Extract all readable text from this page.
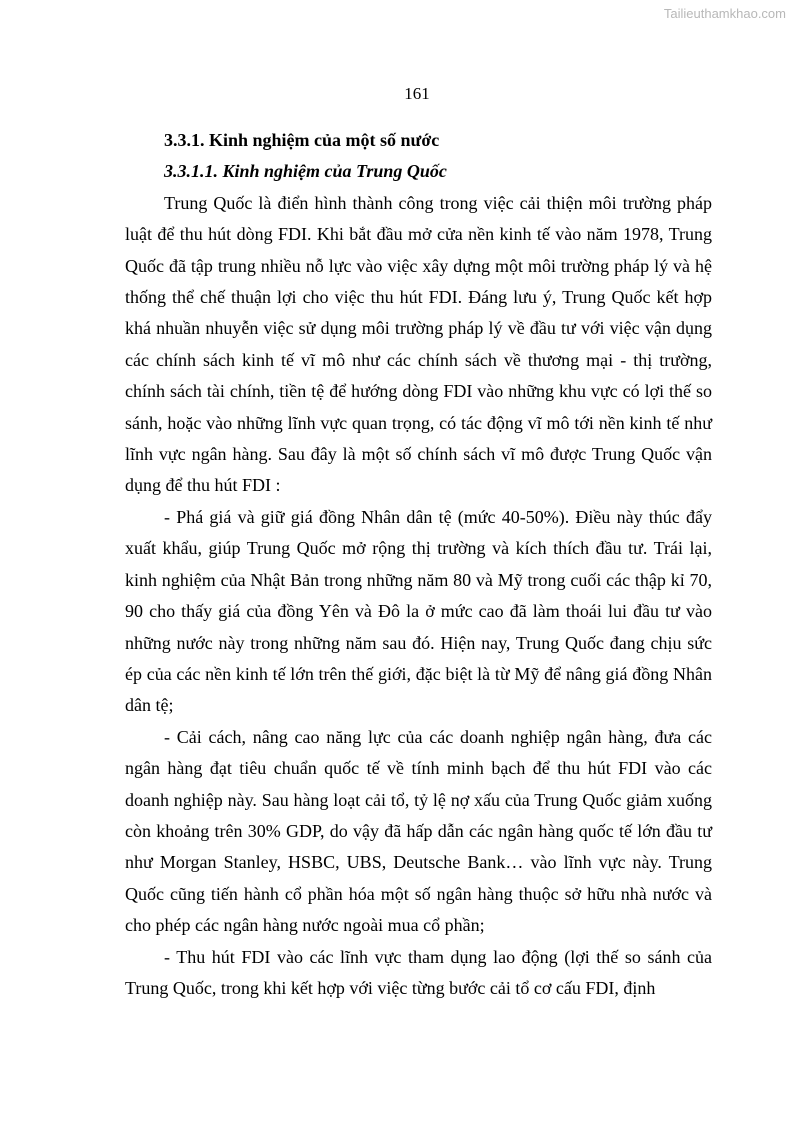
Tailieuthamkhao.com
161

3.3.1. Kinh nghiệm của một số nước

3.3.1.1. Kinh nghiệm của Trung Quốc

Trung Quốc là điển hình thành công trong việc cải thiện môi trường pháp luật để thu hút dòng FDI. Khi bắt đầu mở cửa nền kinh tế vào năm 1978, Trung Quốc đã tập trung nhiều nỗ lực vào việc xây dựng một môi trường pháp lý và hệ thống thể chế thuận lợi cho việc thu hút FDI. Đáng lưu ý, Trung Quốc kết hợp khá nhuần nhuyễn việc sử dụng môi trường pháp lý về đầu tư với việc vận dụng các chính sách kinh tế vĩ mô như các chính sách về thương mại - thị trường, chính sách tài chính, tiền tệ để hướng dòng FDI vào những khu vực có lợi thế so sánh, hoặc vào những lĩnh vực quan trọng, có tác động vĩ mô tới nền kinh tế như lĩnh vực ngân hàng. Sau đây là một số chính sách vĩ mô được Trung Quốc vận dụng để thu hút FDI :

- Phá giá và giữ giá đồng Nhân dân tệ (mức 40-50%). Điều này thúc đẩy xuất khẩu, giúp Trung Quốc mở rộng thị trường và kích thích đầu tư. Trái lại, kinh nghiệm của Nhật Bản trong những năm 80 và Mỹ trong cuối các thập kỉ 70, 90 cho thấy giá của đồng Yên và Đô la ở mức cao đã làm thoái lui đầu tư vào những nước này trong những năm sau đó. Hiện nay, Trung Quốc đang chịu sức ép của các nền kinh tế lớn trên thế giới, đặc biệt là từ Mỹ để nâng giá đồng Nhân dân tệ;

- Cải cách, nâng cao năng lực của các doanh nghiệp ngân hàng, đưa các ngân hàng đạt tiêu chuẩn quốc tế về tính minh bạch để thu hút FDI vào các doanh nghiệp này. Sau hàng loạt cải tổ, tỷ lệ nợ xấu của Trung Quốc giảm xuống còn khoảng trên 30% GDP, do vậy đã hấp dẫn các ngân hàng quốc tế lớn đầu tư như Morgan Stanley, HSBC, UBS, Deutsche Bank… vào lĩnh vực này. Trung Quốc cũng tiến hành cổ phần hóa một số ngân hàng thuộc sở hữu nhà nước và cho phép các ngân hàng nước ngoài mua cổ phần;

- Thu hút FDI vào các lĩnh vực tham dụng lao động (lợi thế so sánh của Trung Quốc, trong khi kết hợp với việc từng bước cải tổ cơ cấu FDI, định
